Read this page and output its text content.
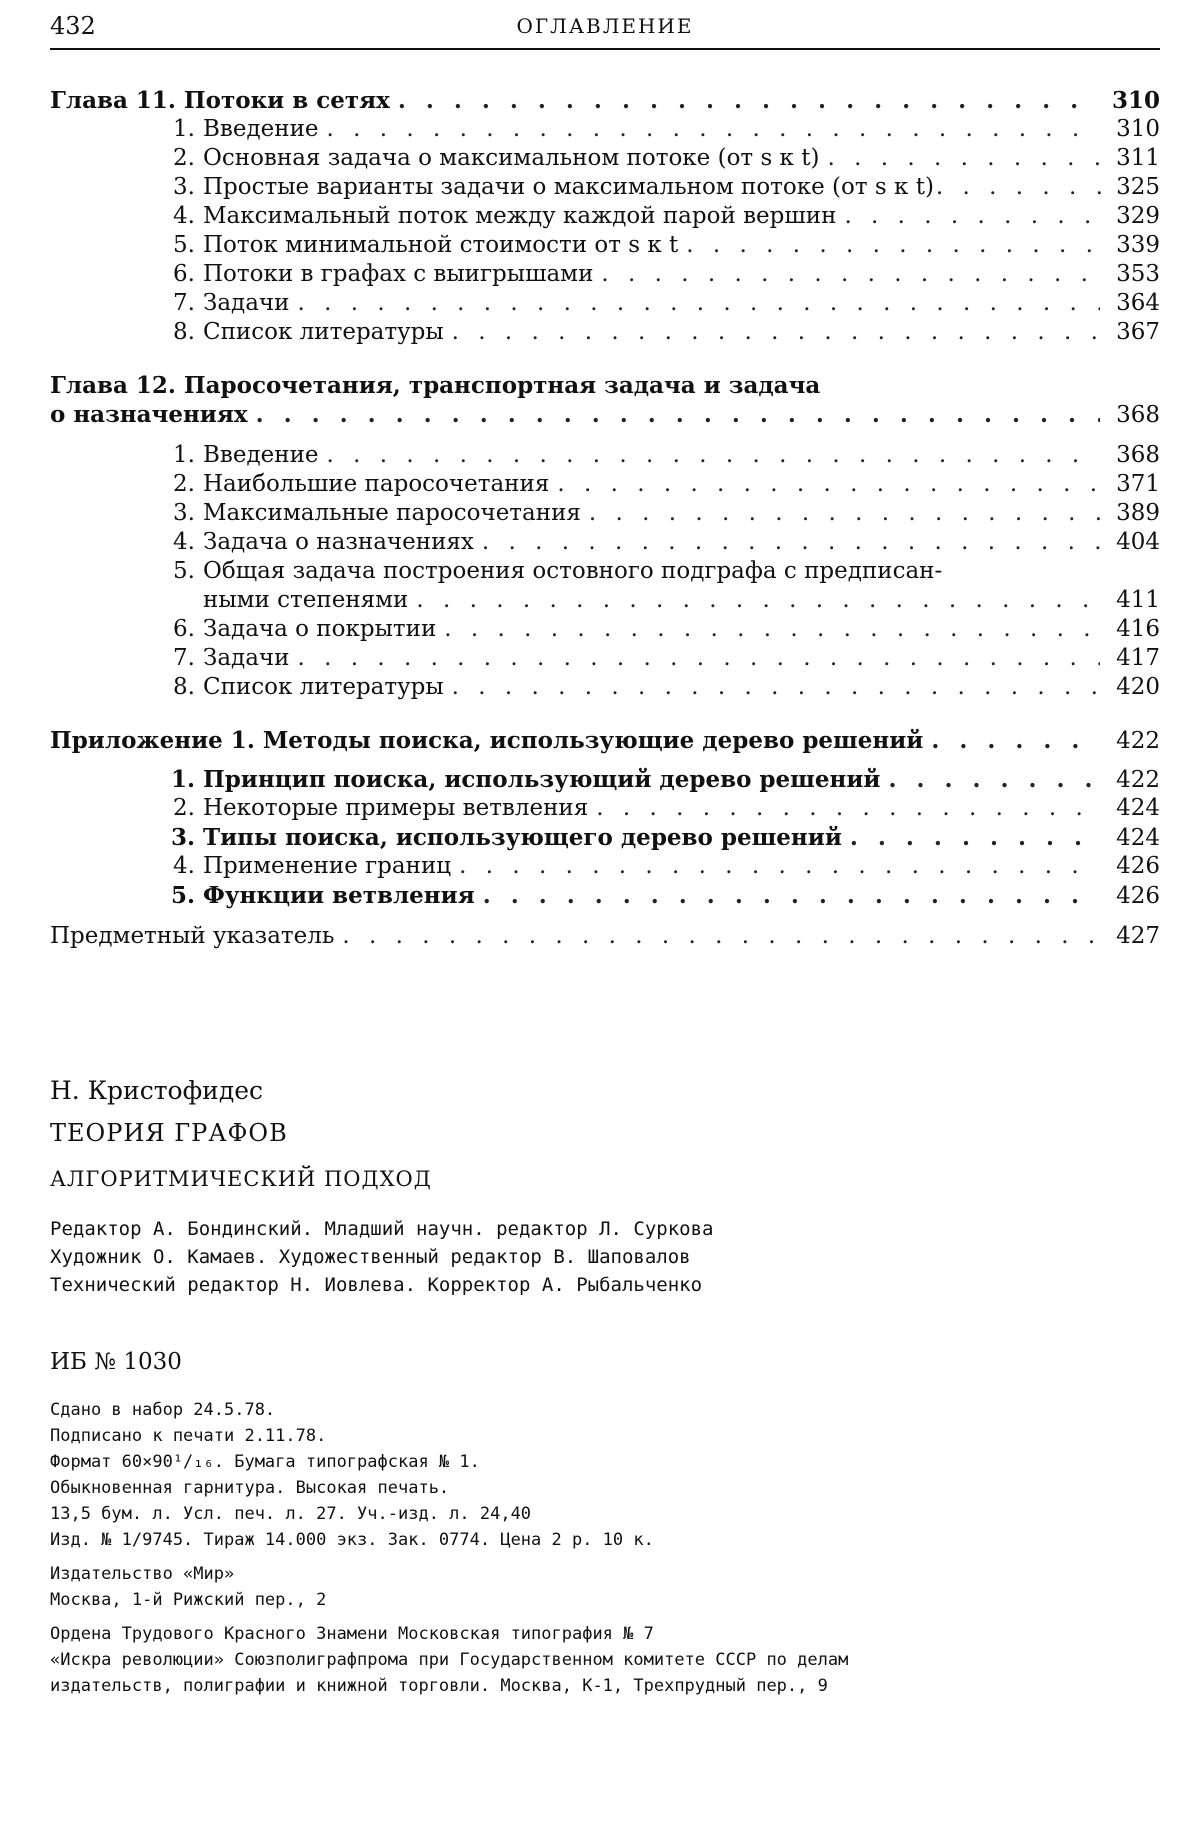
432	ОГЛАВЛЕНИЕ
Глава 11. Потоки в сетях
. . .	310
1. Введение
. . .	310
2. Основная задача о максимальном потоке (от s к t)
. . .	311
3. Простые варианты задачи о максимальном потоке (от s к t)
. . .	325
4. Максимальный поток между каждой парой вершин
. . .	329
5. Поток минимальной стоимости от s к t
. . .	339
6. Потоки в графах с выигрышами
. . .	353
7. Задачи
. . .	364
8. Список литературы
. . .	367
Глава 12. Паросочетания, транспортная задача и задача
о назначениях
. . .	368
1. Введение
. . .	368
2. Наибольшие паросочетания
. . .	371
3. Максимальные паросочетания
. . .	389
4. Задача о назначениях
. . .	404
5. Общая задача построения остовного подграфа с предписан-
ными степенями
. . .	411
6. Задача о покрытии
. . .	416
7. Задачи
. . .	417
8. Список литературы
. . .	420
Приложение 1. Методы поиска, использующие дерево решений
. . .	422
1. Принцип поиска, использующий дерево решений
. . .	422
2. Некоторые примеры ветвления
. . .	424
3. Типы поиска, использующего дерево решений
. . .	424
4. Применение границ
. . .	426
5. Функции ветвления
. . .	426
Предметный указатель
. . .	427
Н. Кристофидес
ТЕОРИЯ ГРАФОВ
АЛГОРИТМИЧЕСКИЙ ПОДХОД
Редактор А. Бондинский. Младший научн. редактор Л. Суркова
Художник О. Камаев. Художественный редактор В. Шаповалов
Технический редактор Н. Иовлева. Корректор А. Рыбальченко
ИБ № 1030
Сдано в набор 24.5.78.
Подписано к печати 2.11.78.
Формат 60×90¹/₁₆. Бумага типографская № 1.
Обыкновенная гарнитура. Высокая печать.
13,5 бум. л. Усл. печ. л. 27. Уч.-изд. л. 24,40
Изд. № 1/9745. Тираж 14.000 экз. Зак. 0774. Цена 2 р. 10 к.
Издательство «Мир»
Москва, 1-й Рижский пер., 2
Ордена Трудового Красного Знамени Московская типография № 7
«Искра революции» Союзполиграфпрома при Государственном комитете СССР по делам
издательств, полиграфии и книжной торговли. Москва, К-1, Трехпрудный пер., 9
